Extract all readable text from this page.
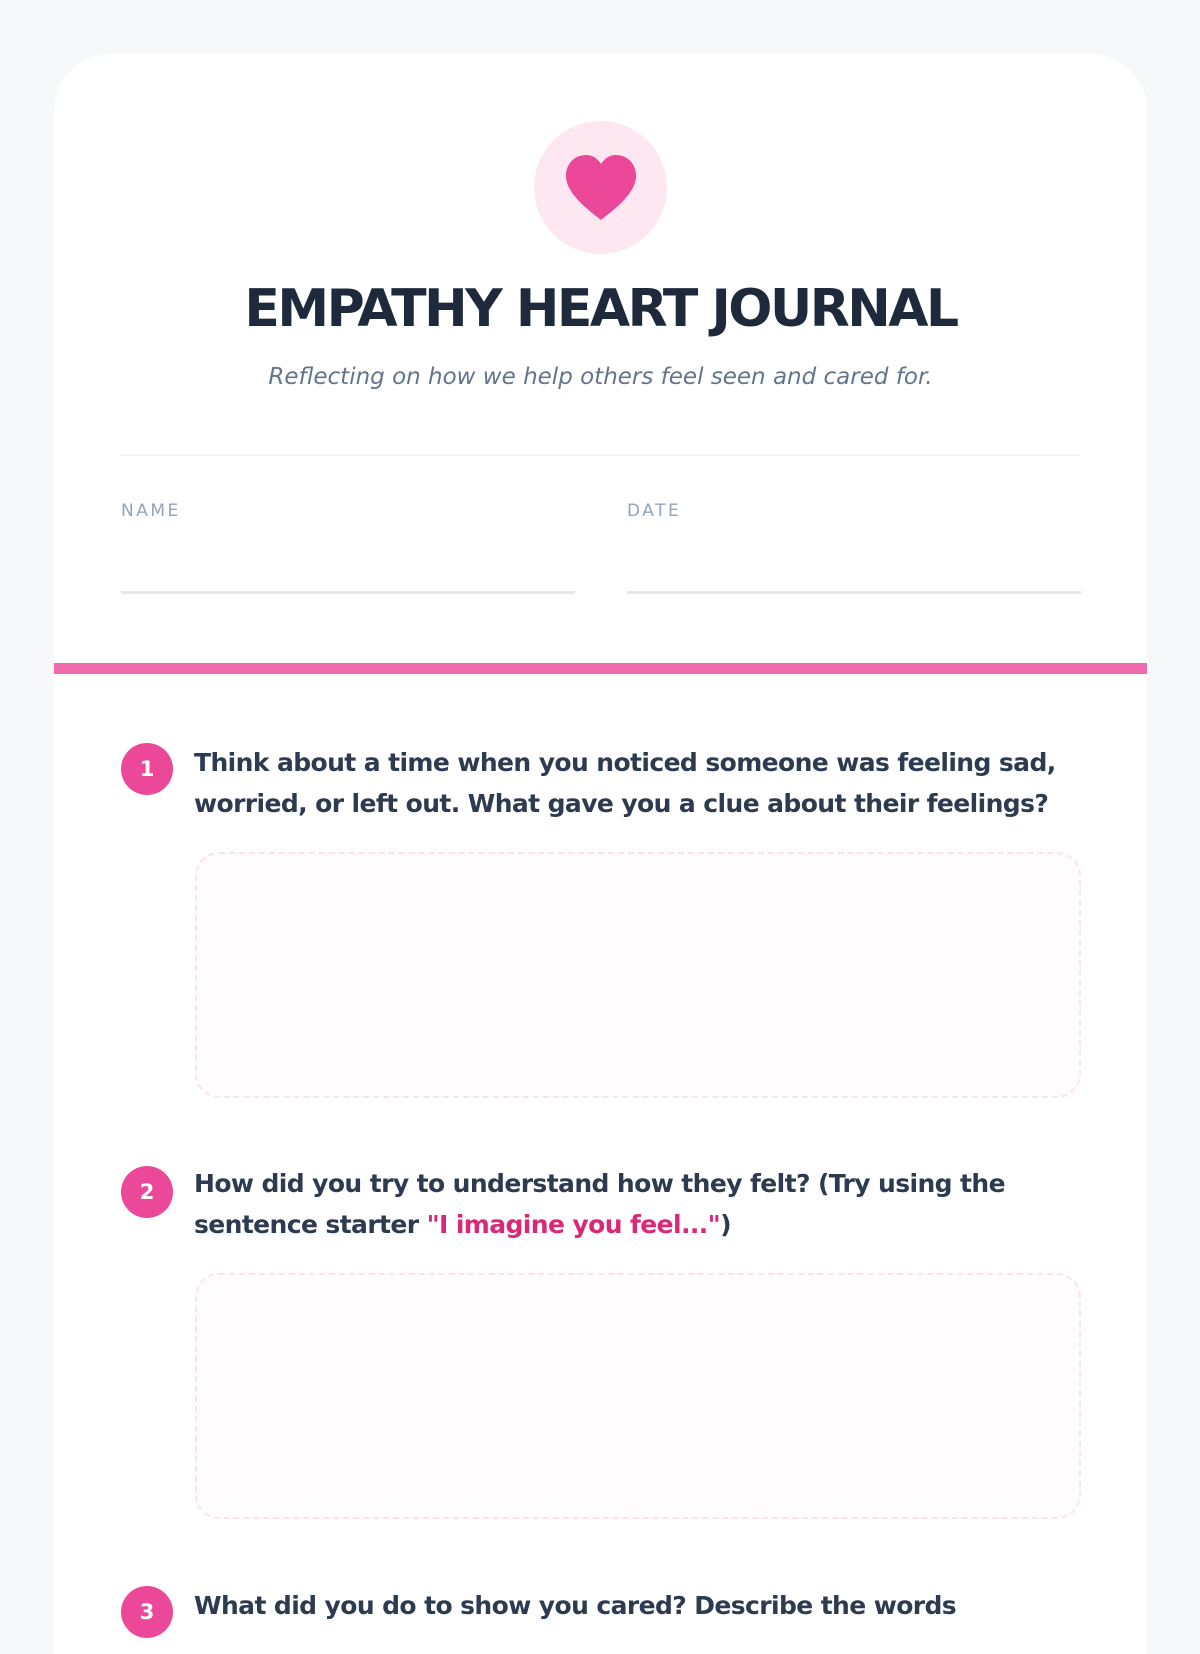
EMPATHY HEART JOURNAL
Reflecting on how we help others feel seen and cared for.
NAME	DATE
1	Think about a time when you noticed someone was feeling sad, worried, or left out. What gave you a clue about their feelings?
2	How did you try to understand how they felt? (Try using the sentence starter "I imagine you feel...")
3	What did you do to show you cared? Describe the words
